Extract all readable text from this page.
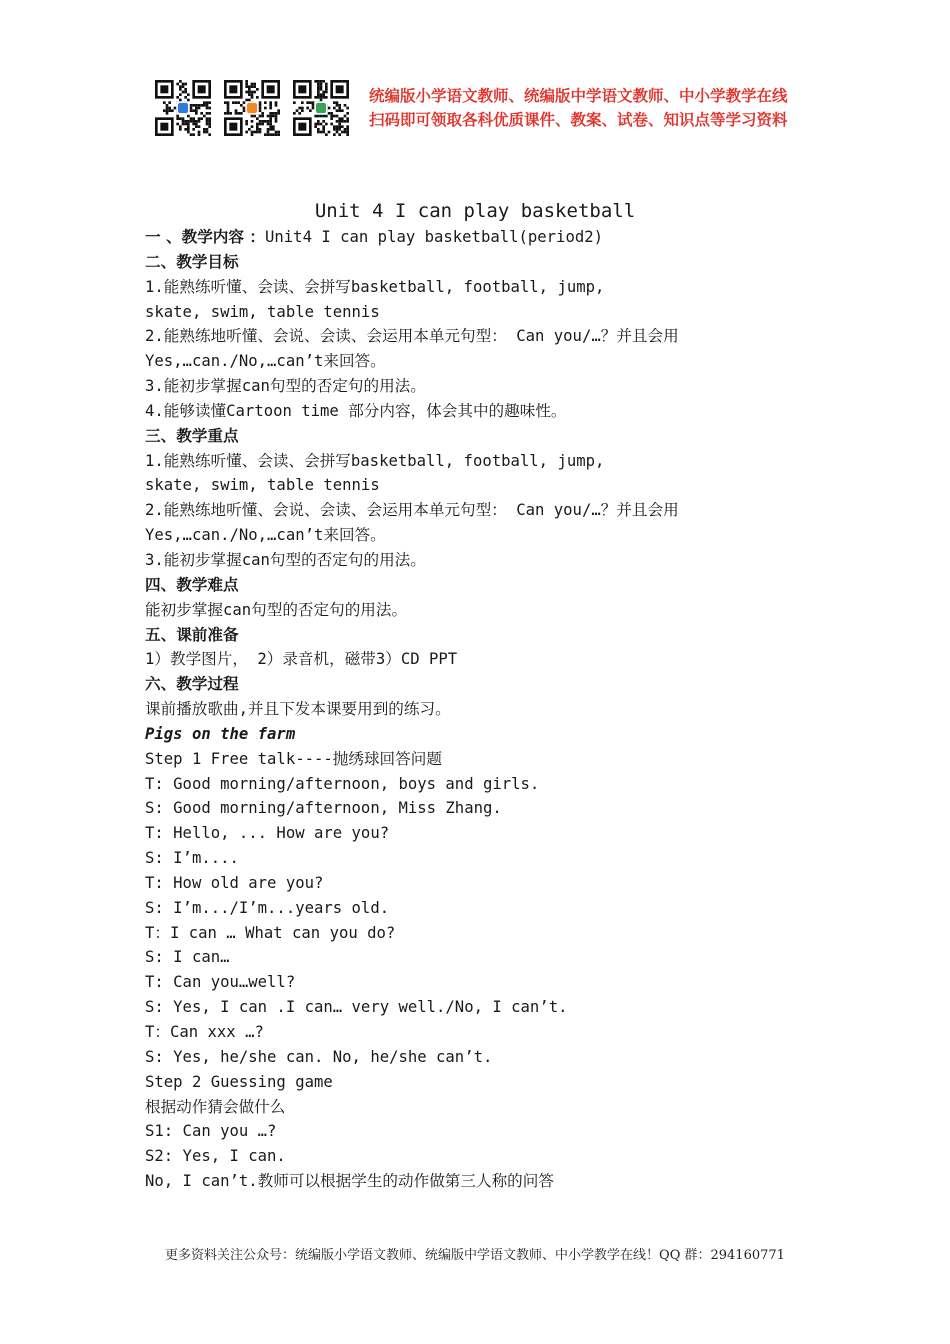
统编版小学语文教师、统编版中学语文教师、中小学教学在线
扫码即可领取各科优质课件、教案、试卷、知识点等学习资料
Unit 4 I can play basketball
一 、教学内容 ：Unit4 I can play basketball(period2)
二、教学目标
1.能熟练听懂、会读、会拼写basketball, football, jump,
skate, swim, table tennis
2.能熟练地听懂、会说、会读、会运用本单元句型： Can you/…？并且会用
Yes,…can./No,…can’t来回答。
3.能初步掌握can句型的否定句的用法。
4.能够读懂Cartoon time 部分内容，体会其中的趣味性。
三、教学重点
1.能熟练听懂、会读、会拼写basketball, football, jump,
skate, swim, table tennis
2.能熟练地听懂、会说、会读、会运用本单元句型： Can you/…？并且会用
Yes,…can./No,…can’t来回答。
3.能初步掌握can句型的否定句的用法。
四、教学难点
能初步掌握can句型的否定句的用法。
五、课前准备
1）教学图片， 2）录音机，磁带3）CD PPT
六、教学过程
课前播放歌曲,并且下发本课要用到的练习。
Pigs on the farm
Step 1 Free talk----抛绣球回答问题
T: Good morning/afternoon, boys and girls.
S: Good morning/afternoon, Miss Zhang.
T: Hello, ... How are you?
S: I’m....
T: How old are you?
S: I’m.../I’m...years old.
T：I can … What can you do?
S: I can…
T: Can you…well?
S: Yes, I can .I can… very well./No, I can’t.
T：Can xxx …?
S: Yes, he/she can. No, he/she can’t.
Step 2 Guessing game
根据动作猜会做什么
S1: Can you …?
S2: Yes, I can.
No, I can’t.教师可以根据学生的动作做第三人称的问答
更多资料关注公众号：统编版小学语文教师、统编版中学语文教师、中小学教学在线！QQ 群：294160771
